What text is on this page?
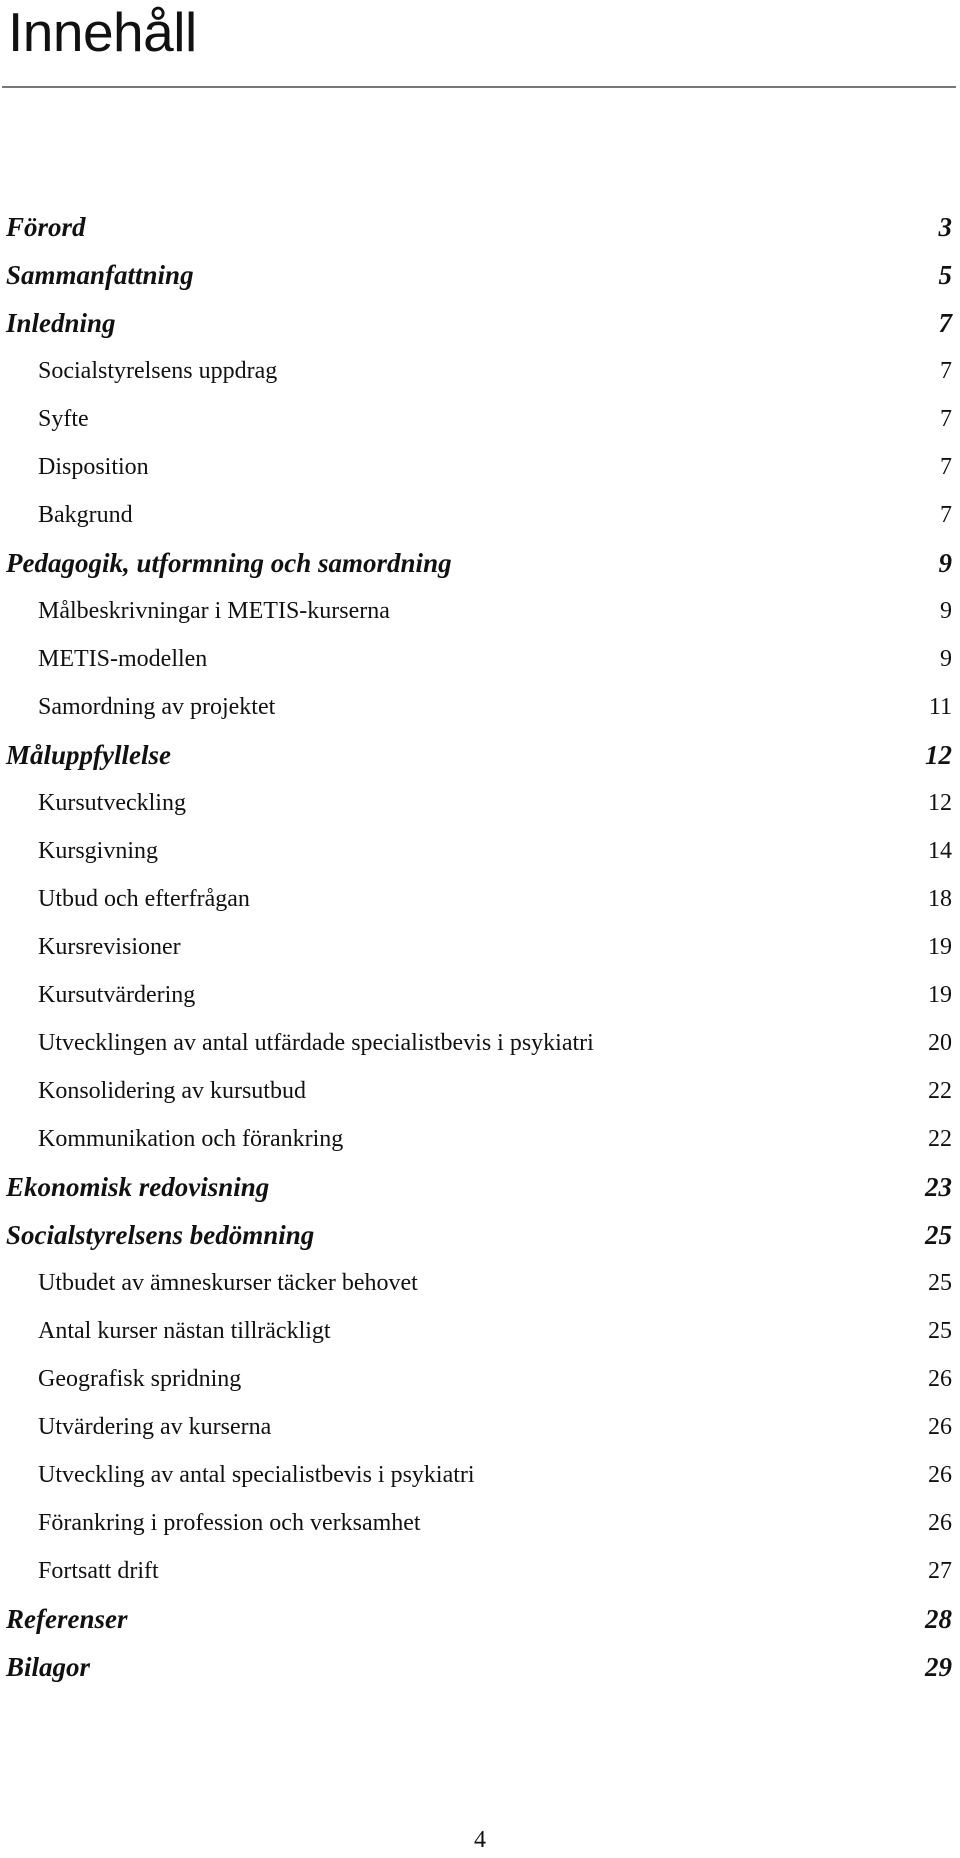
Innehåll
Förord	3
Sammanfattning	5
Inledning	7
Socialstyrelsens uppdrag	7
Syfte	7
Disposition	7
Bakgrund	7
Pedagogik, utformning och samordning	9
Målbeskrivningar i METIS-kurserna	9
METIS-modellen	9
Samordning av projektet	11
Måluppfyllelse	12
Kursutveckling	12
Kursgivning	14
Utbud och efterfrågan	18
Kursrevisioner	19
Kursutvärdering	19
Utvecklingen av antal utfärdade specialistbevis i psykiatri	20
Konsolidering av kursutbud	22
Kommunikation och förankring	22
Ekonomisk redovisning	23
Socialstyrelsens bedömning	25
Utbudet av ämneskurser täcker behovet	25
Antal kurser nästan tillräckligt	25
Geografisk spridning	26
Utvärdering av kurserna	26
Utveckling av antal specialistbevis i psykiatri	26
Förankring i profession och verksamhet	26
Fortsatt drift	27
Referenser	28
Bilagor	29
4
